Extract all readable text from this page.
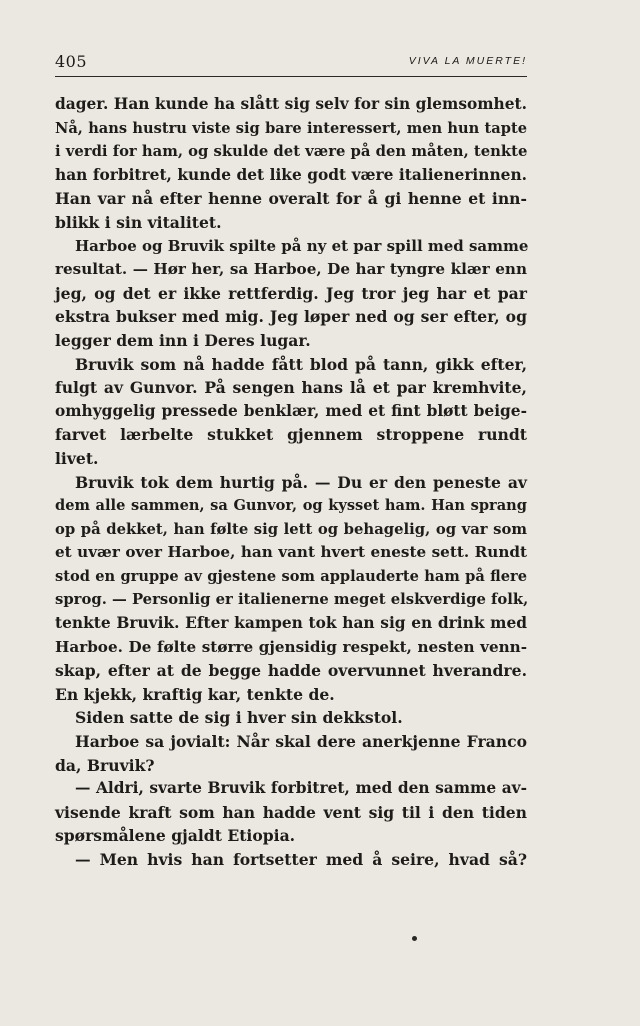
405	VIVA LA MUERTE!
dager. Han kunde ha slått sig selv for sin glemsomhet.
Nå, hans hustru viste sig bare interessert, men hun tapte
i verdi for ham, og skulde det være på den måten, tenkte
han forbitret, kunde det like godt være italienerinnen.
Han var nå efter henne overalt for å gi henne et inn-
blikk i sin vitalitet.
Harboe og Bruvik spilte på ny et par spill med samme
resultat. — Hør her, sa Harboe, De har tyngre klær enn
jeg, og det er ikke rettferdig. Jeg tror jeg har et par
ekstra bukser med mig. Jeg løper ned og ser efter, og
legger dem inn i Deres lugar.
Bruvik som nå hadde fått blod på tann, gikk efter,
fulgt av Gunvor. På sengen hans lå et par kremhvite,
omhyggelig pressede benklær, med et fint bløtt beige-
farvet lærbelte stukket gjennem stroppene rundt
livet.
Bruvik tok dem hurtig på. — Du er den peneste av
dem alle sammen, sa Gunvor, og kysset ham. Han sprang
op på dekket, han følte sig lett og behagelig, og var som
et uvær over Harboe, han vant hvert eneste sett. Rundt
stod en gruppe av gjestene som applauderte ham på flere
sprog. — Personlig er italienerne meget elskverdige folk,
tenkte Bruvik. Efter kampen tok han sig en drink med
Harboe. De følte større gjensidig respekt, nesten venn-
skap, efter at de begge hadde overvunnet hverandre.
En kjekk, kraftig kar, tenkte de.
Siden satte de sig i hver sin dekkstol.
Harboe sa jovialt: Når skal dere anerkjenne Franco
da, Bruvik?
— Aldri, svarte Bruvik forbitret, med den samme av-
visende kraft som han hadde vent sig til i den tiden
spørsmålene gjaldt Etiopia.
— Men hvis han fortsetter med å seire, hvad så?
